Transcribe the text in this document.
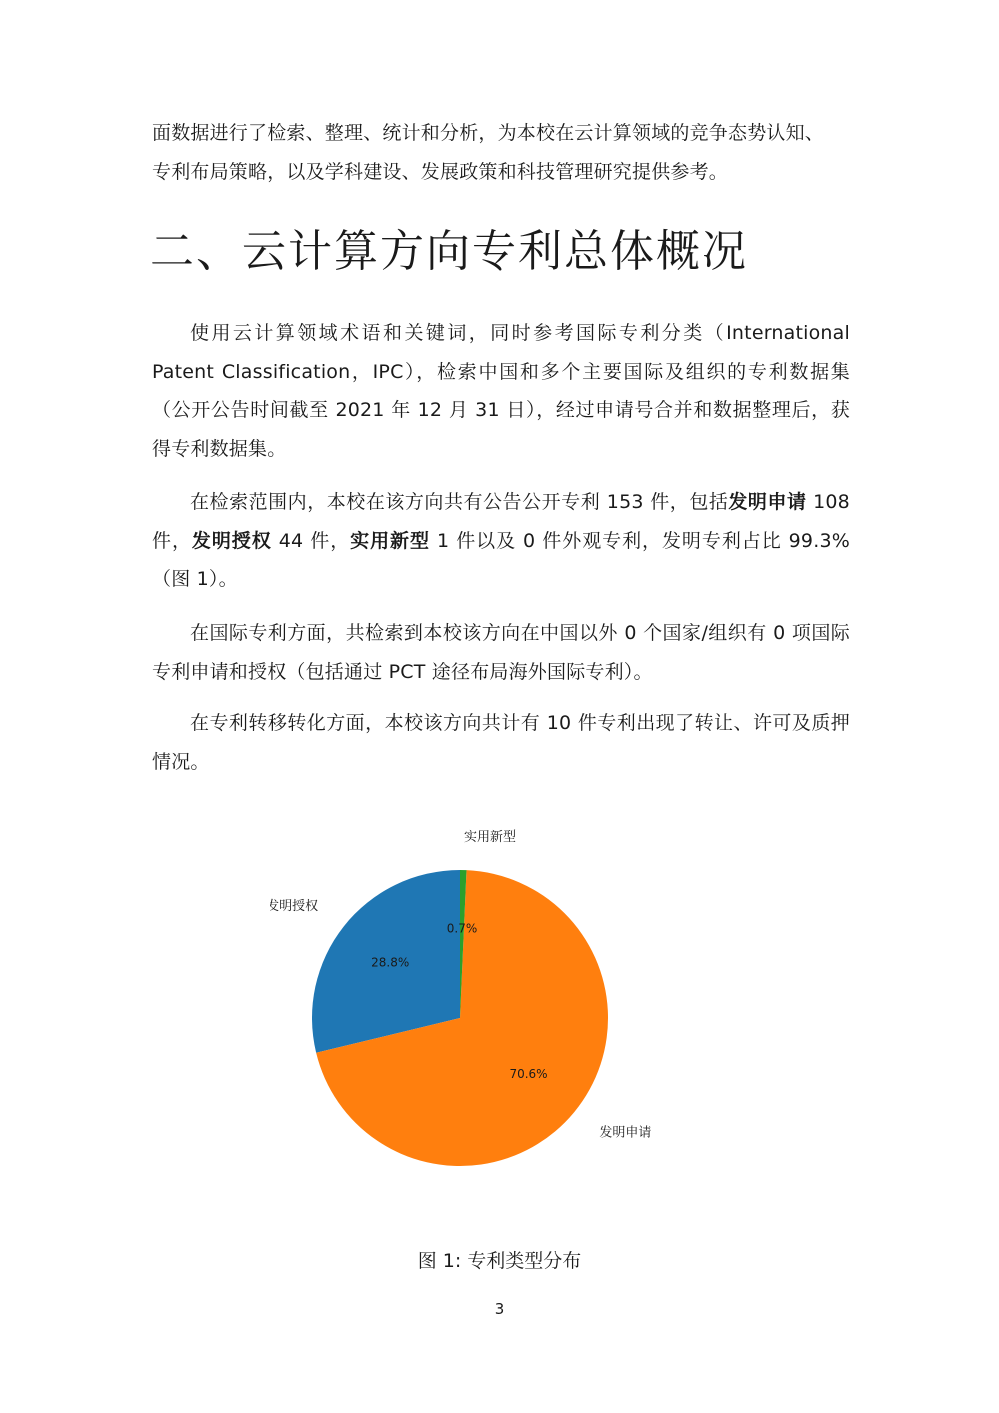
面数据进行了检索、整理、统计和分析，为本校在云计算领域的竞争态势认知、

专利布局策略，以及学科建设、发展政策和科技管理研究提供参考。

二、云计算方向专利总体概况

使用云计算领域术语和关键词，同时参考国际专利分类（International Patent Classification，IPC），检索中国和多个主要国际及组织的专利数据集（公开公告时间截至 2021 年 12 月 31 日），经过申请号合并和数据整理后，获得专利数据集。

在检索范围内，本校在该方向共有公告公开专利 153 件，包括发明申请 108 件，发明授权 44 件，实用新型 1 件以及 0 件外观专利，发明专利占比 99.3%（图 1）。

在国际专利方面，共检索到本校该方向在中国以外 0 个国家/组织有 0 项国际专利申请和授权（包括通过 PCT 途径布局海外国际专利）。

在专利转移转化方面，本校该方向共计有 10 件专利出现了转让、许可及质押情况。

28.8%
发明授权
70.6%
发明申请
0.7%
实用新型
图 1: 专利类型分布
3
